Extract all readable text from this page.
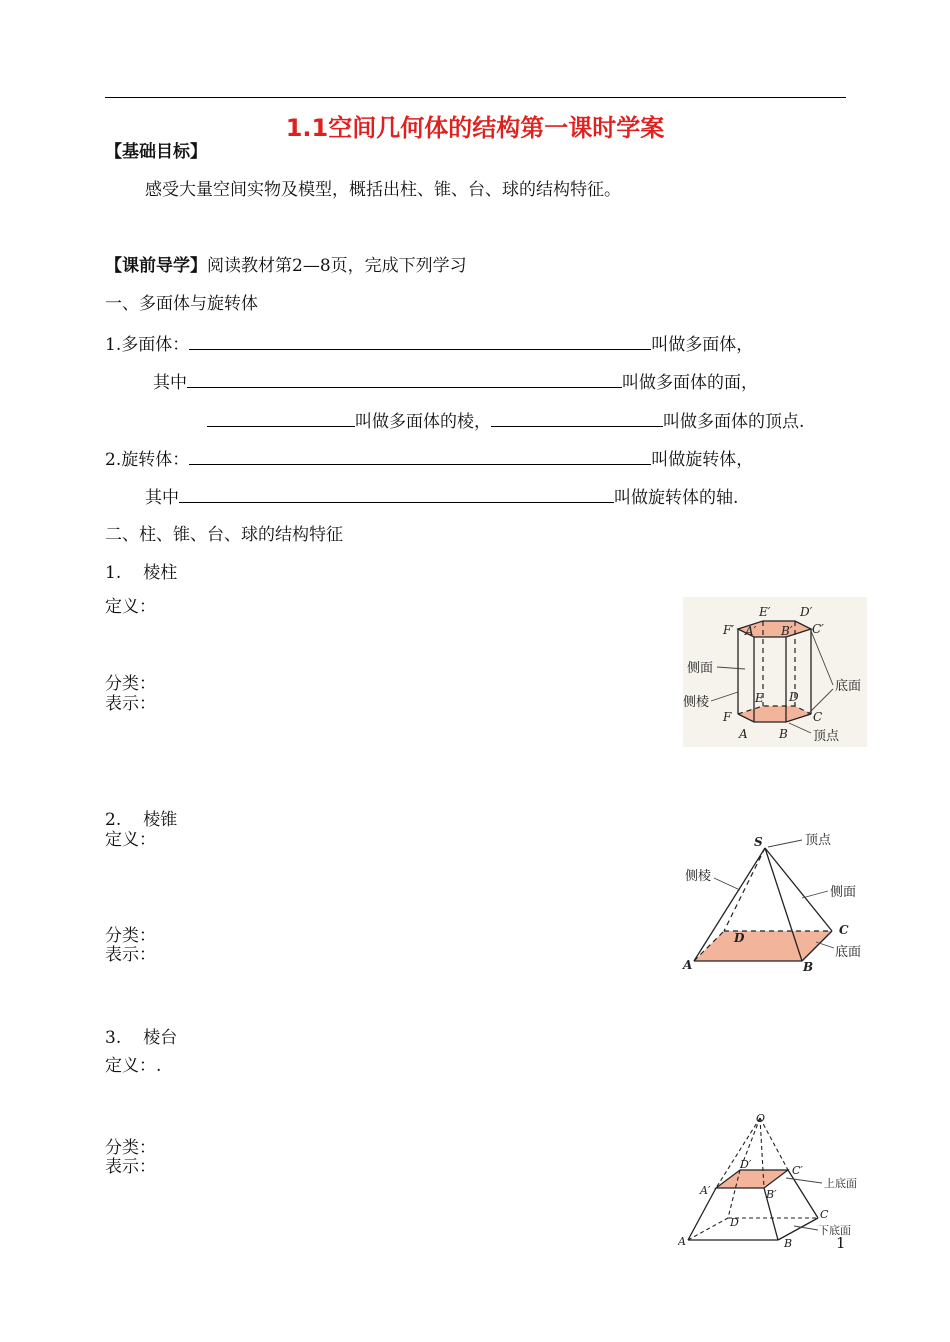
1.1空间几何体的结构第一课时学案
【基础目标】
感受大量空间实物及模型，概括出柱、锥、台、球的结构特征。
【课前导学】阅读教材第2—8页，完成下列学习
一、多面体与旋转体
1.多面体：	叫做多面体，
其中	叫做多面体的面，
叫做多面体的棱，	叫做多面体的顶点.
2.旋转体：	叫做旋转体，
其中	叫做旋转体的轴.
二、柱、锥、台、球的结构特征
1. 棱柱
定义：
分类：
表示：
E′ D′
F′ A′ B′ C′
E D
F
A	B
C
侧面
侧棱
底面
顶点
2. 棱锥
定义：
分类：
表示：
S
A	B
C
D
顶点
侧棱
侧面
底面
3. 棱台
定义：.
分类：
表示：
O
A′	B′
C′
D′
A	B
C
D
上底面
下底面
1
